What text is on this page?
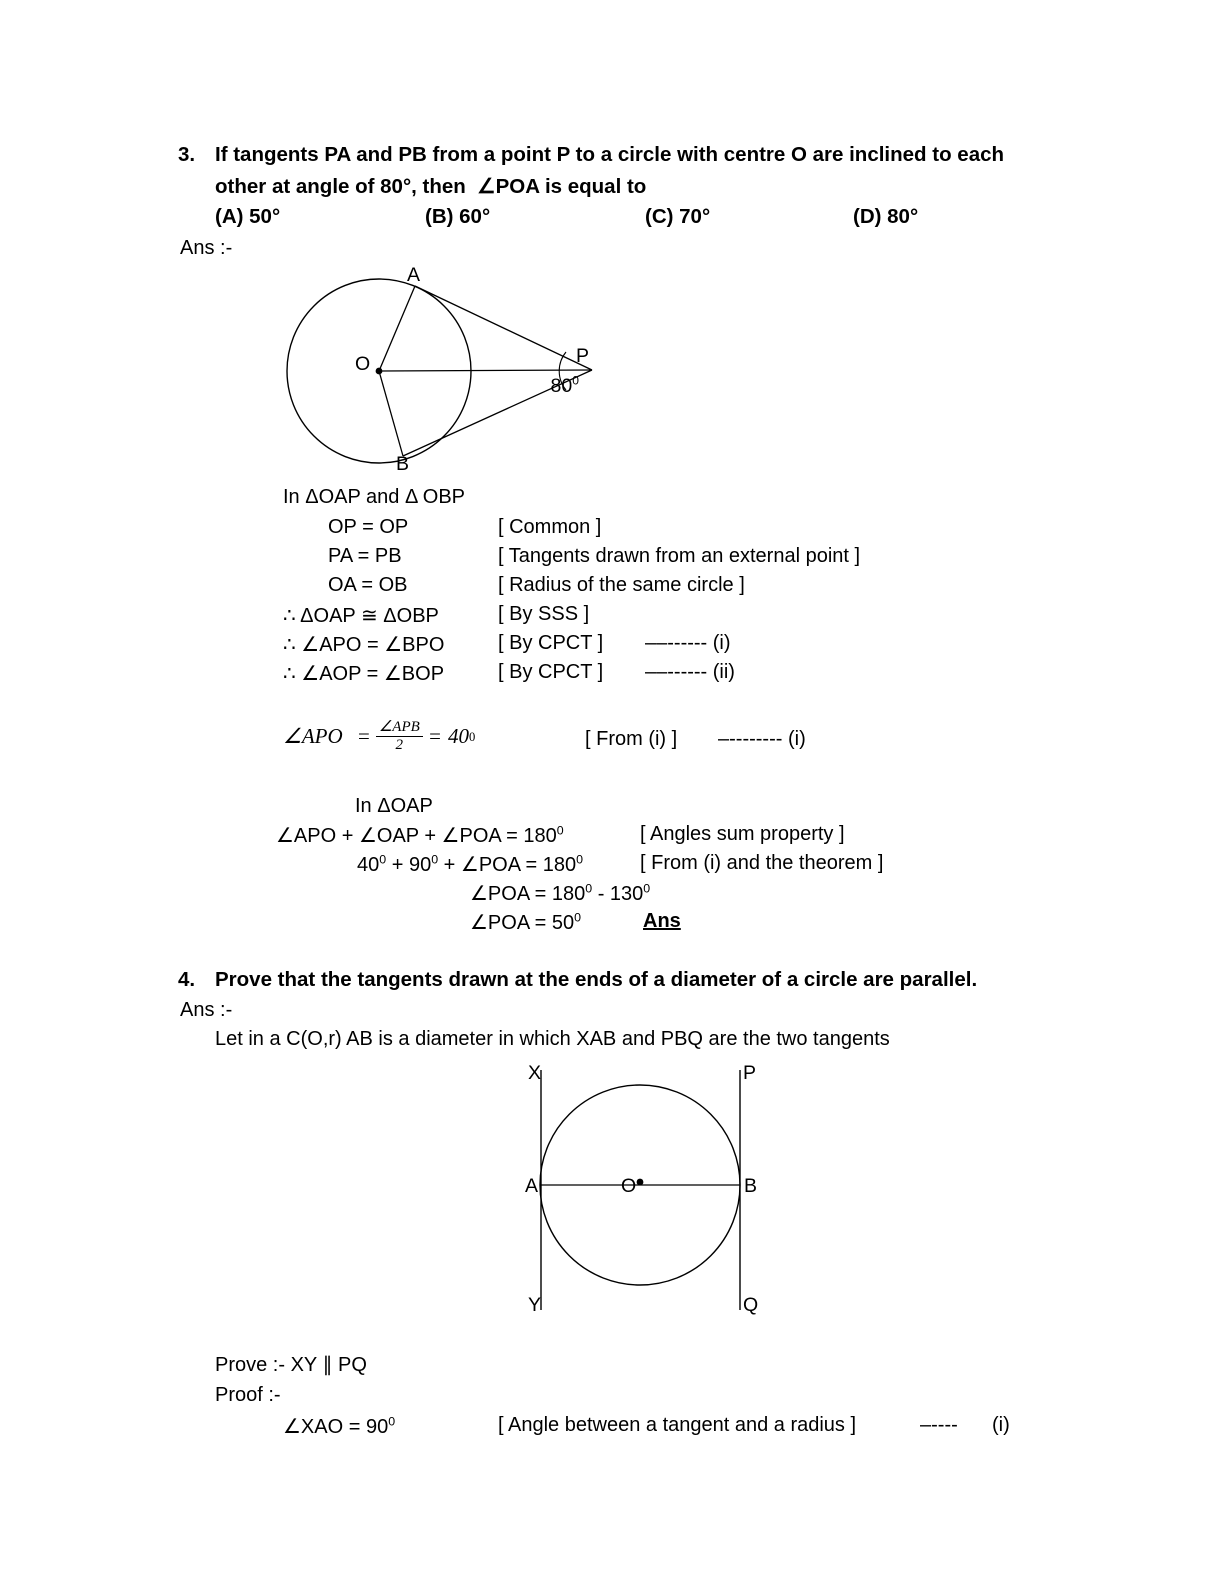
3. If tangents PA and PB from a point P to a circle with centre O are inclined to each
other at angle of 80°, then  ∠POA is equal to
(A) 50°	(B) 60°	(C) 70°	(D) 80°
Ans :-
A
B
O	P

$80^0$

In ΔOAP and Δ OBP
OP = OP	[ Common ]
PA = PB	[ Tangents drawn from an external point ]
OA = OB	[ Radius of the same circle ]
∴ ΔOAP ≅ ΔOBP	[ By SSS ]
∴ ∠APO = ∠BPO	[ By CPCT ] ––------ (i)
∴ ∠AOP = ∠BOP	[ By CPCT ] ––------ (ii)
∠APO = $\frac{\text{∠APB}}{2} = 40$ 0	[ From (i) ] –-------- (i)
In ΔOAP
∠APO + ∠OAP + ∠POA = $180^0$	[ Angles sum property ]
$40^0 + 90^0$ + ∠POA = $180^0$	[ From (i) and the theorem ]
∠POA = $180^0 - 130^0$
∠POA = $50^0$	Ans
4. Prove that the tangents drawn at the ends of a diameter of a circle are parallel.
Ans :-
Let in a C(O,r) AB is a diameter in which XAB and PBQ are the two tangents
X	P
A	O	B
Y	Q
Prove :- XY ∥ PQ
Proof :-
∠XAO = $90^0$	[ Angle between a tangent and a radius ]	–---- (i)
